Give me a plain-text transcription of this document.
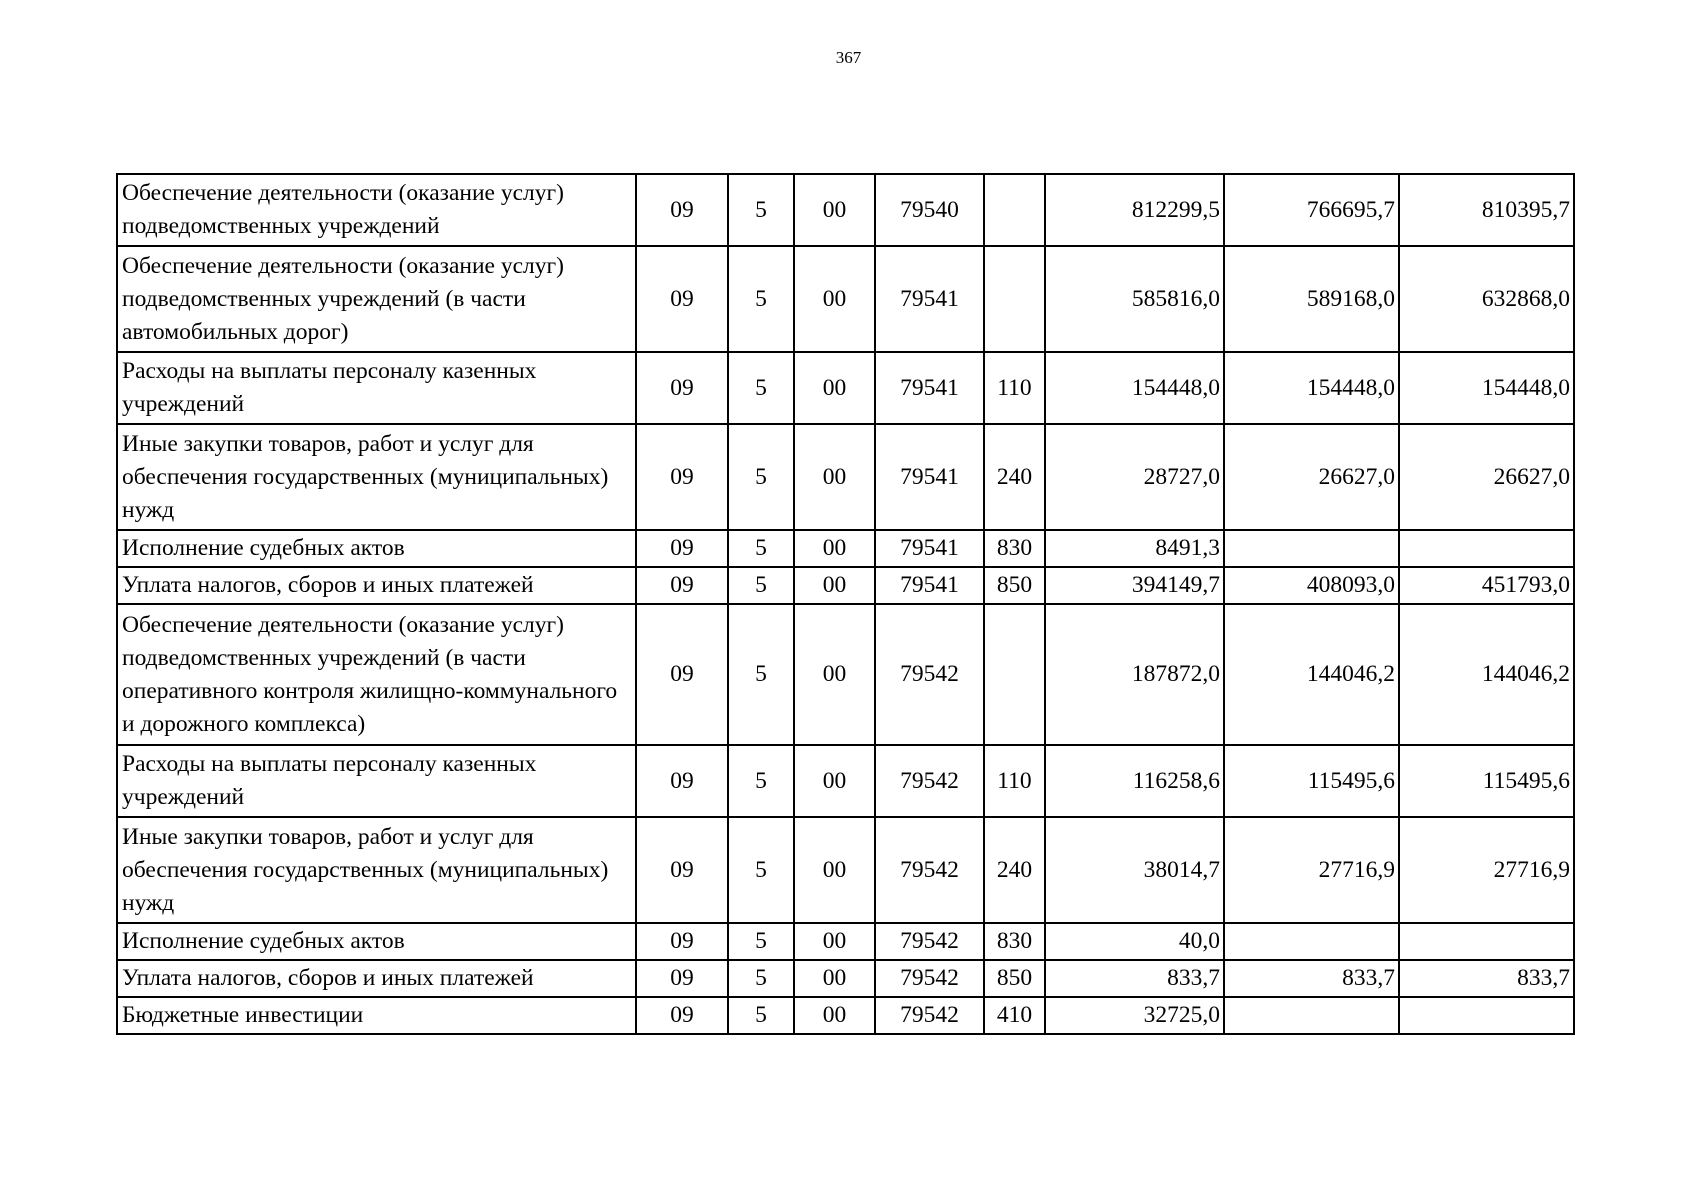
367
Обеспечение деятельности (оказание услуг) подведомственных учреждений	09	5	00	79540		812299,5	766695,7	810395,7
Обеспечение деятельности (оказание услуг) подведомственных учреждений (в части автомобильных дорог)	09	5	00	79541		585816,0	589168,0	632868,0
Расходы на выплаты персоналу казенных учреждений	09	5	00	79541	110	154448,0	154448,0	154448,0
Иные закупки товаров, работ и услуг для обеспечения государственных (муниципальных) нужд	09	5	00	79541	240	28727,0	26627,0	26627,0
Исполнение судебных актов	09	5	00	79541	830	8491,3		
Уплата налогов, сборов и иных платежей	09	5	00	79541	850	394149,7	408093,0	451793,0
Обеспечение деятельности (оказание услуг) подведомственных учреждений (в части оперативного контроля жилищно-коммунального и дорожного комплекса)	09	5	00	79542		187872,0	144046,2	144046,2
Расходы на выплаты персоналу казенных учреждений	09	5	00	79542	110	116258,6	115495,6	115495,6
Иные закупки товаров, работ и услуг для обеспечения государственных (муниципальных) нужд	09	5	00	79542	240	38014,7	27716,9	27716,9
Исполнение судебных актов	09	5	00	79542	830	40,0		
Уплата налогов, сборов и иных платежей	09	5	00	79542	850	833,7	833,7	833,7
Бюджетные инвестиции	09	5	00	79542	410	32725,0		
